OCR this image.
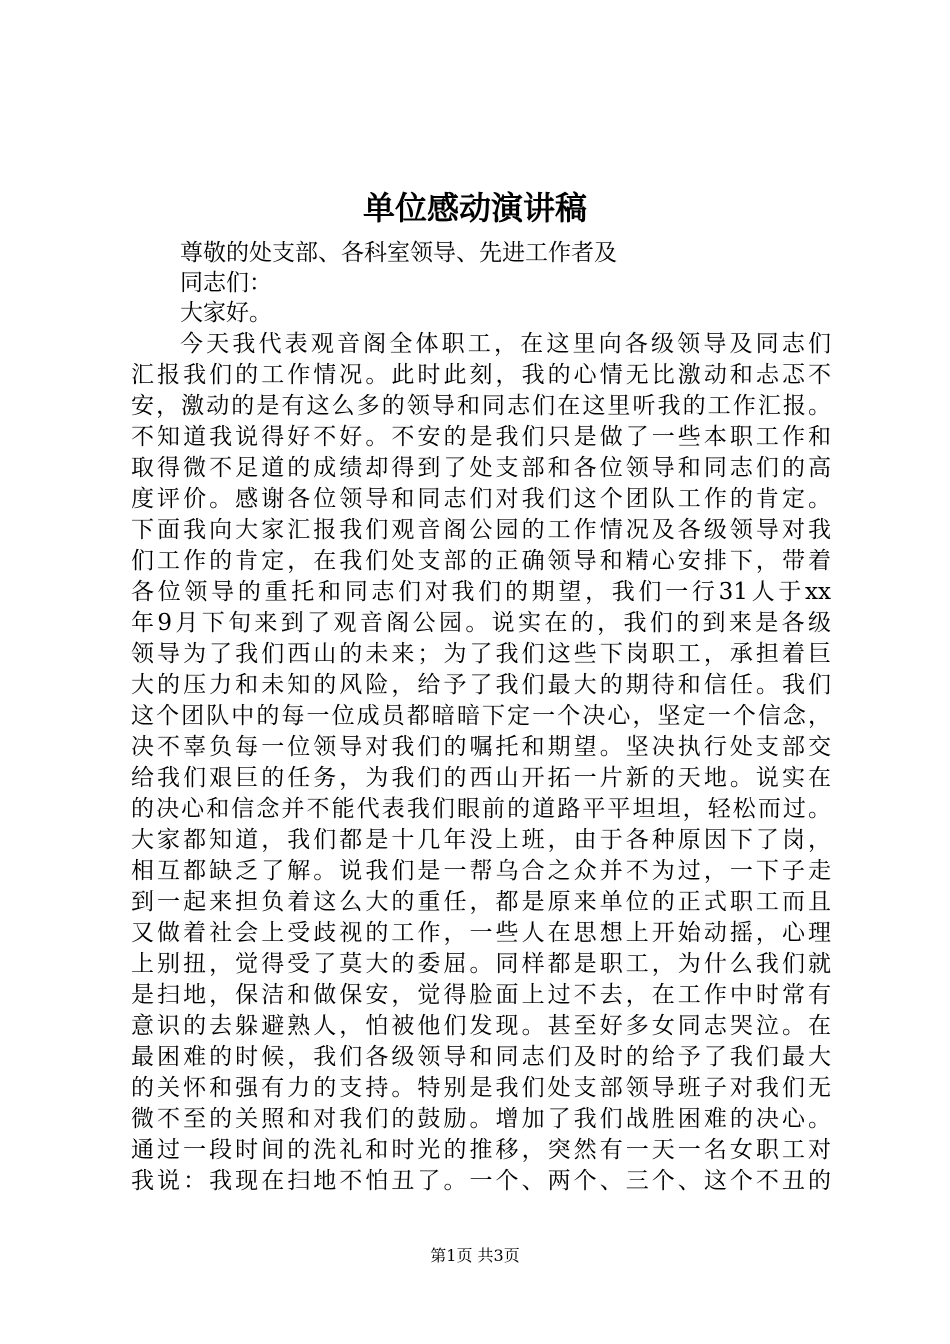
单位感动演讲稿
尊敬的处支部、各科室领导、先进工作者及
同志们：
大家好。
今天我代表观音阁全体职工，在这里向各级领导及同志们
汇报我们的工作情况。此时此刻，我的心情无比激动和忐忑不
安，激动的是有这么多的领导和同志们在这里听我的工作汇报。
不知道我说得好不好。不安的是我们只是做了一些本职工作和
取得微不足道的成绩却得到了处支部和各位领导和同志们的高
度评价。感谢各位领导和同志们对我们这个团队工作的肯定。
下面我向大家汇报我们观音阁公园的工作情况及各级领导对我
们工作的肯定，在我们处支部的正确领导和精心安排下，带着
各位领导的重托和同志们对我们的期望，我们一行31人于xx
年9月下旬来到了观音阁公园。说实在的，我们的到来是各级
领导为了我们西山的未来；为了我们这些下岗职工，承担着巨
大的压力和未知的风险，给予了我们最大的期待和信任。我们
这个团队中的每一位成员都暗暗下定一个决心，坚定一个信念，
决不辜负每一位领导对我们的嘱托和期望。坚决执行处支部交
给我们艰巨的任务，为我们的西山开拓一片新的天地。说实在
的决心和信念并不能代表我们眼前的道路平平坦坦，轻松而过。
大家都知道，我们都是十几年没上班，由于各种原因下了岗，
相互都缺乏了解。说我们是一帮乌合之众并不为过，一下子走
到一起来担负着这么大的重任，都是原来单位的正式职工而且
又做着社会上受歧视的工作，一些人在思想上开始动摇，心理
上别扭，觉得受了莫大的委屈。同样都是职工，为什么我们就
是扫地，保洁和做保安，觉得脸面上过不去，在工作中时常有
意识的去躲避熟人，怕被他们发现。甚至好多女同志哭泣。在
最困难的时候，我们各级领导和同志们及时的给予了我们最大
的关怀和强有力的支持。特别是我们处支部领导班子对我们无
微不至的关照和对我们的鼓励。增加了我们战胜困难的决心。
通过一段时间的洗礼和时光的推移，突然有一天一名女职工对
我说：我现在扫地不怕丑了。一个、两个、三个、这个不丑的
第1页 共3页
